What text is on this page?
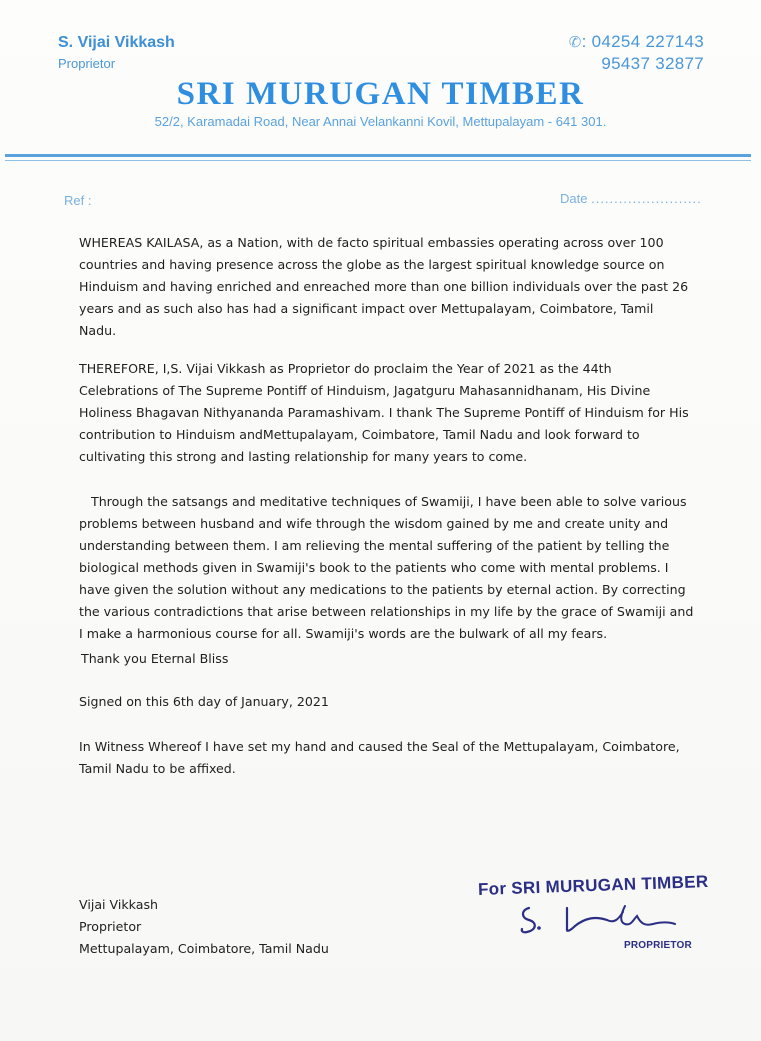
S. Vijai Vikkash
Proprietor
✆: 04254 227143
95437 32877
SRI MURUGAN TIMBER
52/2, Karamadai Road, Near Annai Velankanni Kovil, Mettupalayam - 641 301.
Ref :	Date ........................

WHEREAS KAILASA, as a Nation, with de facto spiritual embassies operating across over 100 countries and having presence across the globe as the largest spiritual knowledge source on Hinduism and having enriched and enreached more than one billion individuals over the past 26 years and as such also has had a significant impact over Mettupalayam, Coimbatore, Tamil Nadu.

THEREFORE, I,S. Vijai Vikkash as Proprietor do proclaim the Year of 2021 as the 44th Celebrations of The Supreme Pontiff of Hinduism, Jagatguru Mahasannidhanam, His Divine Holiness Bhagavan Nithyananda Paramashivam. I thank The Supreme Pontiff of Hinduism for His contribution to Hinduism andMettupalayam, Coimbatore, Tamil Nadu and look forward to cultivating this strong and lasting relationship for many years to come.

Through the satsangs and meditative techniques of Swamiji, I have been able to solve various problems between husband and wife through the wisdom gained by me and create unity and understanding between them. I am relieving the mental suffering of the patient by telling the biological methods given in Swamiji's book to the patients who come with mental problems. I have given the solution without any medications to the patients by eternal action. By correcting the various contradictions that arise between relationships in my life by the grace of Swamiji and I make a harmonious course for all. Swamiji's words are the bulwark of all my fears.

Thank you Eternal Bliss

Signed on this 6th day of January, 2021

In Witness Whereof I have set my hand and caused the Seal of the Mettupalayam, Coimbatore, Tamil Nadu to be affixed.

Vijai Vikkash

Proprietor

Mettupalayam, Coimbatore, Tamil Nadu

For SRI MURUGAN TIMBER
PROPRIETOR
